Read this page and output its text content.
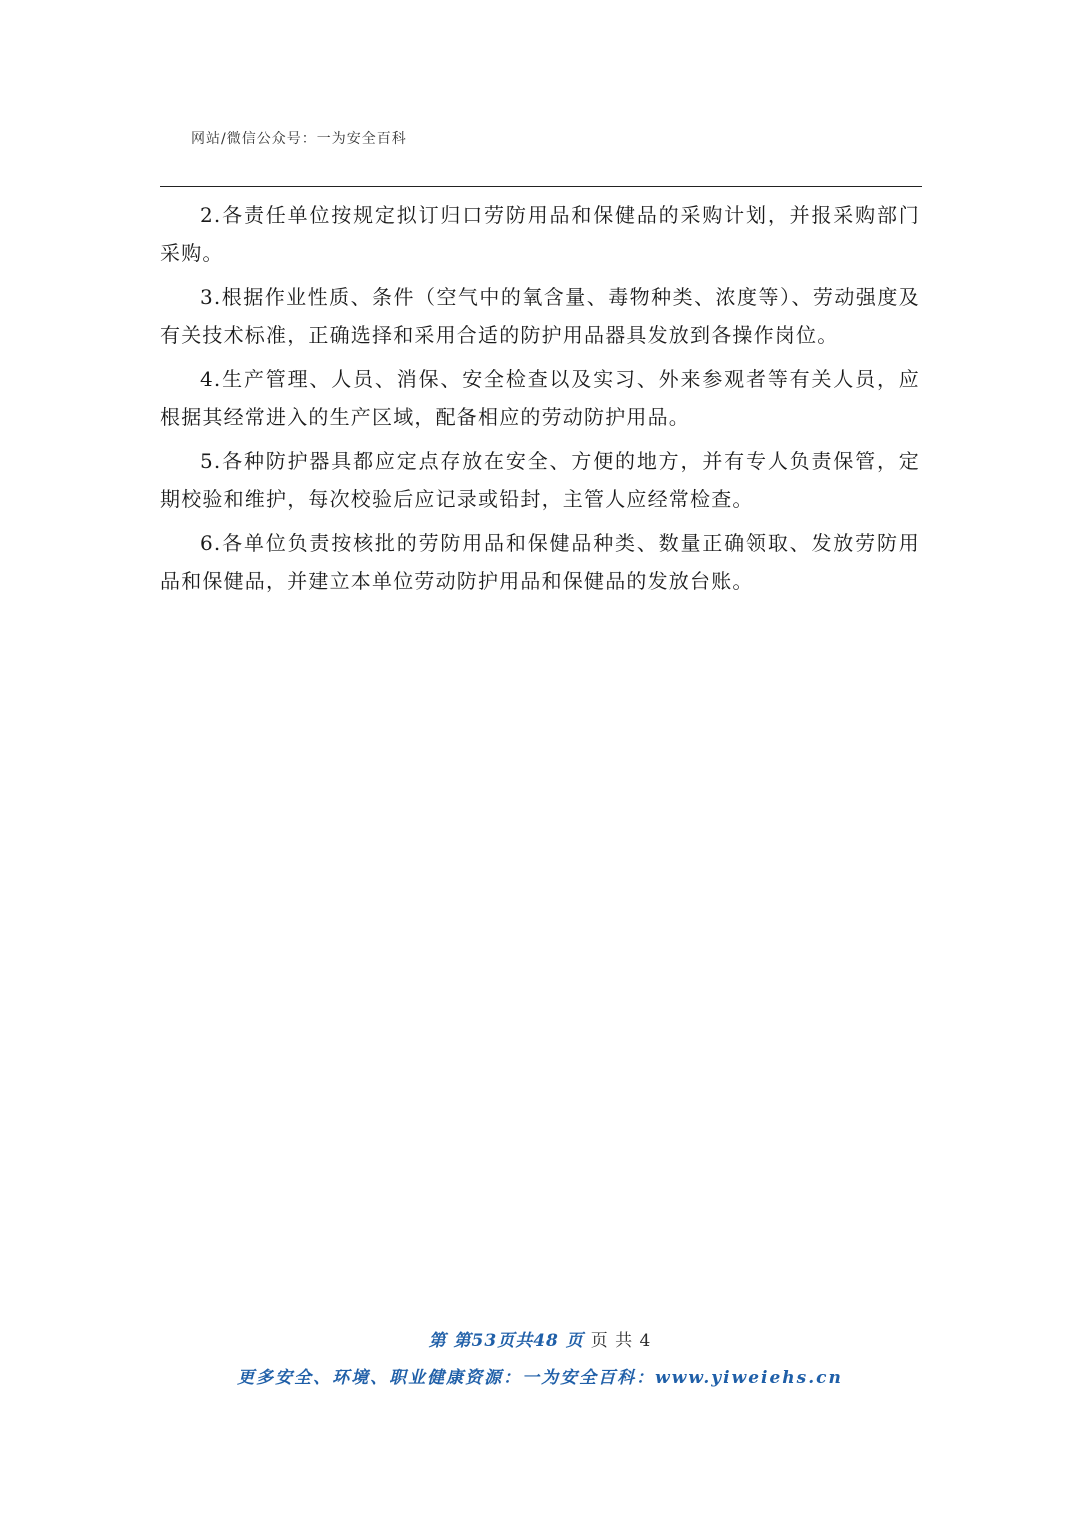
网站/微信公众号：一为安全百科

2.各责任单位按规定拟订归口劳防用品和保健品的采购计划，并报采购部门采购。

3.根据作业性质、条件（空气中的氧含量、毒物种类、浓度等）、劳动强度及有关技术标准，正确选择和采用合适的防护用品器具发放到各操作岗位。

4.生产管理、人员、消保、安全检查以及实习、外来参观者等有关人员，应根据其经常进入的生产区域，配备相应的劳动防护用品。

5.各种防护器具都应定点存放在安全、方便的地方，并有专人负责保管，定期校验和维护，每次校验后应记录或铅封，主管人应经常检查。

6.各单位负责按核批的劳防用品和保健品种类、数量正确领取、发放劳防用品和保健品，并建立本单位劳动防护用品和保健品的发放台账。

第 第53页共48 页 页 共 4
更多安全、环境、职业健康资源：一为安全百科：www.yiweiehs.cn
